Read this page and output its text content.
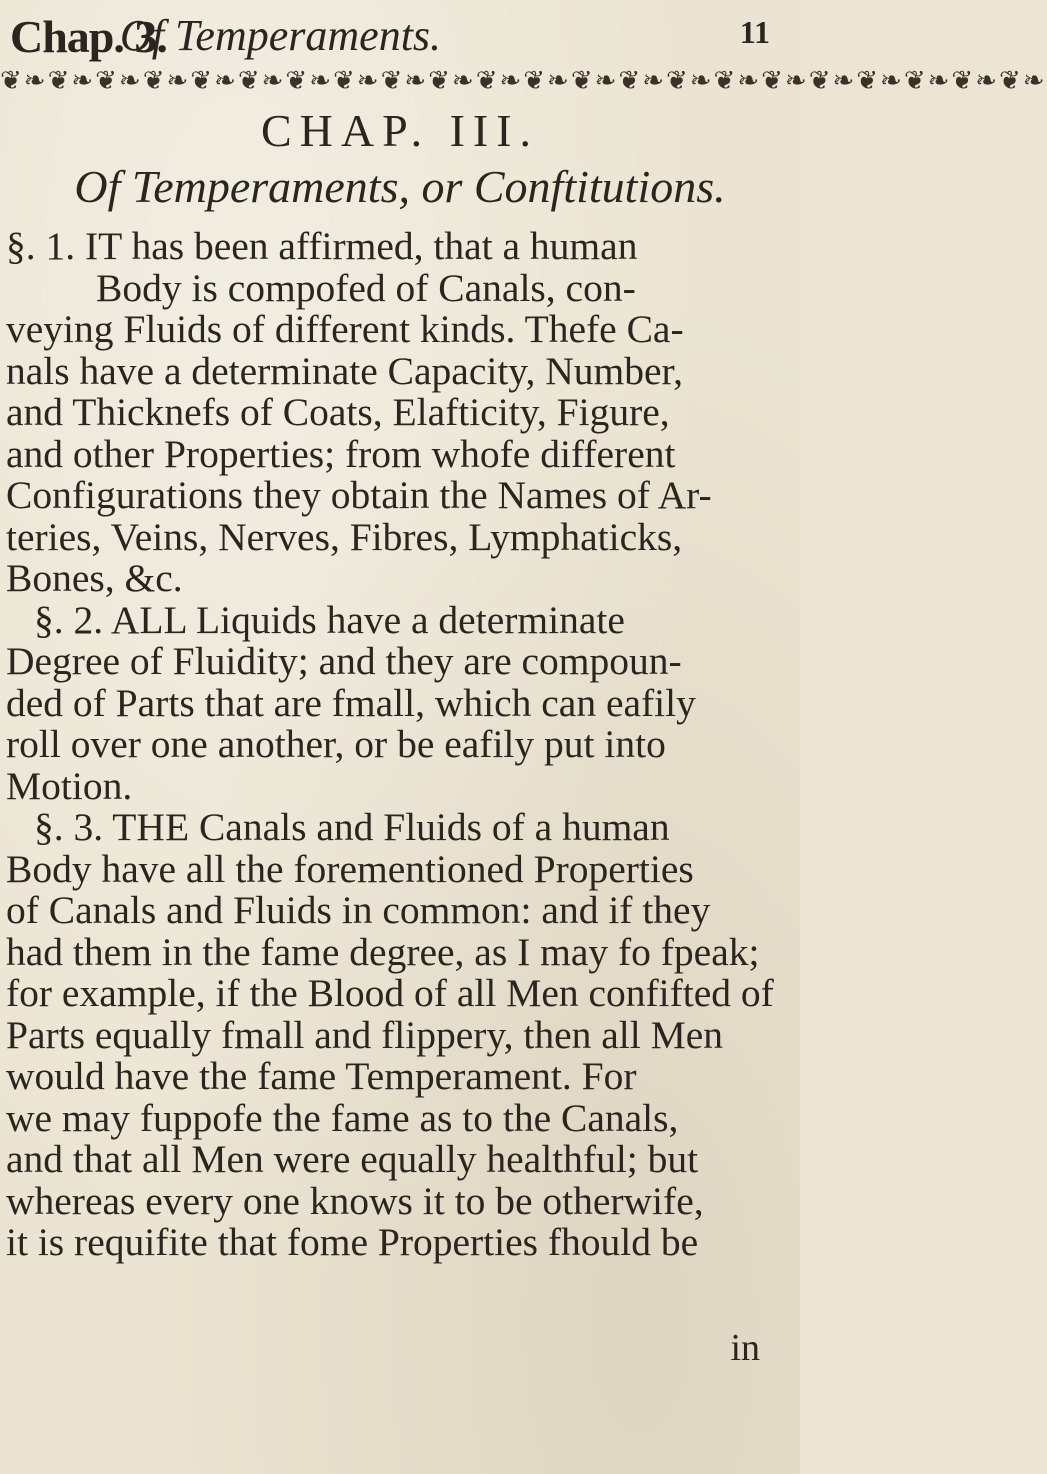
Chap. 3.
Of Temperaments.	11
❦❧❦❧❦❧❦❧❦❧❦❧❦❧❦❧❦❧❦❧❦❧❦❧❦❧❦❧❦❧❦❧❦❧❦❧❦❧❦❧❦❧❦❧
CHAP. III.
Of Temperaments, or Conftitutions.
§. 1. IT has been affirmed, that a human
Body is compofed of Canals, con-
veying Fluids of different kinds. Thefe Ca-
nals have a determinate Capacity, Number,
and Thicknefs of Coats, Elafticity, Figure,
and other Properties; from whofe different
Configurations they obtain the Names of Ar-
teries, Veins, Nerves, Fibres, Lymphaticks,
Bones, &c.
§. 2. ALL Liquids have a determinate
Degree of Fluidity; and they are compoun-
ded of Parts that are fmall, which can eafily
roll over one another, or be eafily put into
Motion.
§. 3. THE Canals and Fluids of a human
Body have all the forementioned Properties
of Canals and Fluids in common: and if they
had them in the fame degree, as I may fo fpeak;
for example, if the Blood of all Men confifted of
Parts equally fmall and flippery, then all Men
would have the fame Temperament. For
we may fuppofe the fame as to the Canals,
and that all Men were equally healthful; but
whereas every one knows it to be otherwife,
it is requifite that fome Properties fhould be
in
